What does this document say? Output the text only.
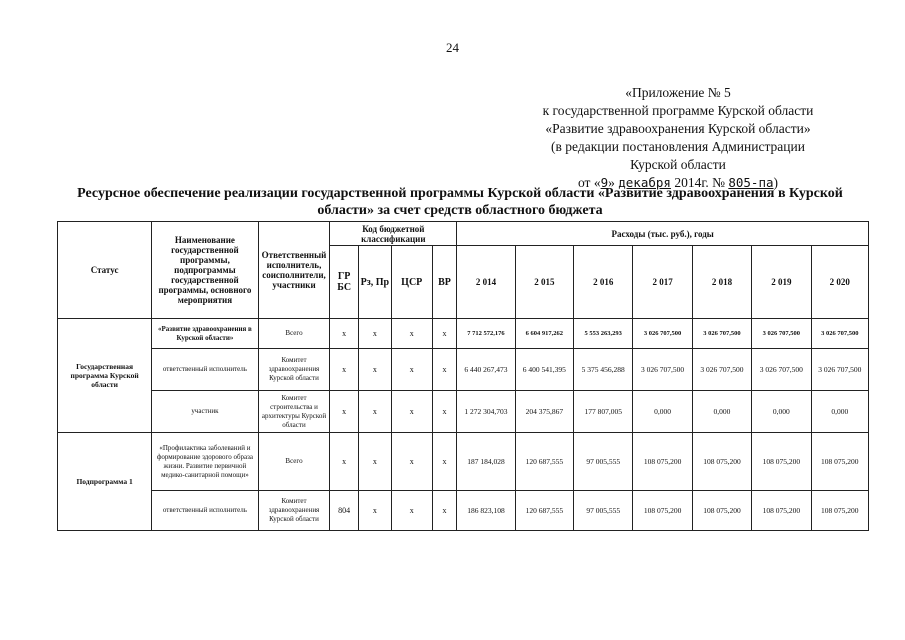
24
«Приложение № 5
к государственной программе Курской области
«Развитие здравоохранения Курской области»
(в редакции постановления Администрации
Курской области
от «9» декабря 2014г. № 805-па)
Ресурсное обеспечение реализации государственной программы Курской области «Развитие здравоохранения в Курской области» за счет средств областного бюджета
Статус	Наименование государственной программы, подпрограммы государственной программы, основного мероприятия	Ответственный исполнитель, соисполнители, участники	Код бюджетной классификации				Расходы (тыс. руб.), годы						
			ГР БС	Рз, Пр	ЦСР	ВР	2 014	2 015	2 016	2 017	2 018	2 019	2 020
Государственная программа Курской области	«Развитие здравоохранения в Курской области»	Всего	x	x	x	x	7 712 572,176	6 604 917,262	5 553 263,293	3 026 707,500	3 026 707,500	3 026 707,500	3 026 707,500
	ответственный исполнитель	Комитет здравоохранения Курской области	x	x	x	x	6 440 267,473	6 400 541,395	5 375 456,288	3 026 707,500	3 026 707,500	3 026 707,500	3 026 707,500
	участник	Комитет строительства и архитектуры Курской области	x	x	x	x	1 272 304,703	204 375,867	177 807,005	0,000	0,000	0,000	0,000
Подпрограмма 1	«Профилактика заболеваний и формирование здорового образа жизни. Развитие первичной медико-санитарной помощи»	Всего	x	x	x	x	187 184,028	120 687,555	97 005,555	108 075,200	108 075,200	108 075,200	108 075,200
	ответственный исполнитель	Комитет здравоохранения Курской области	804	x	x	x	186 823,108	120 687,555	97 005,555	108 075,200	108 075,200	108 075,200	108 075,200
